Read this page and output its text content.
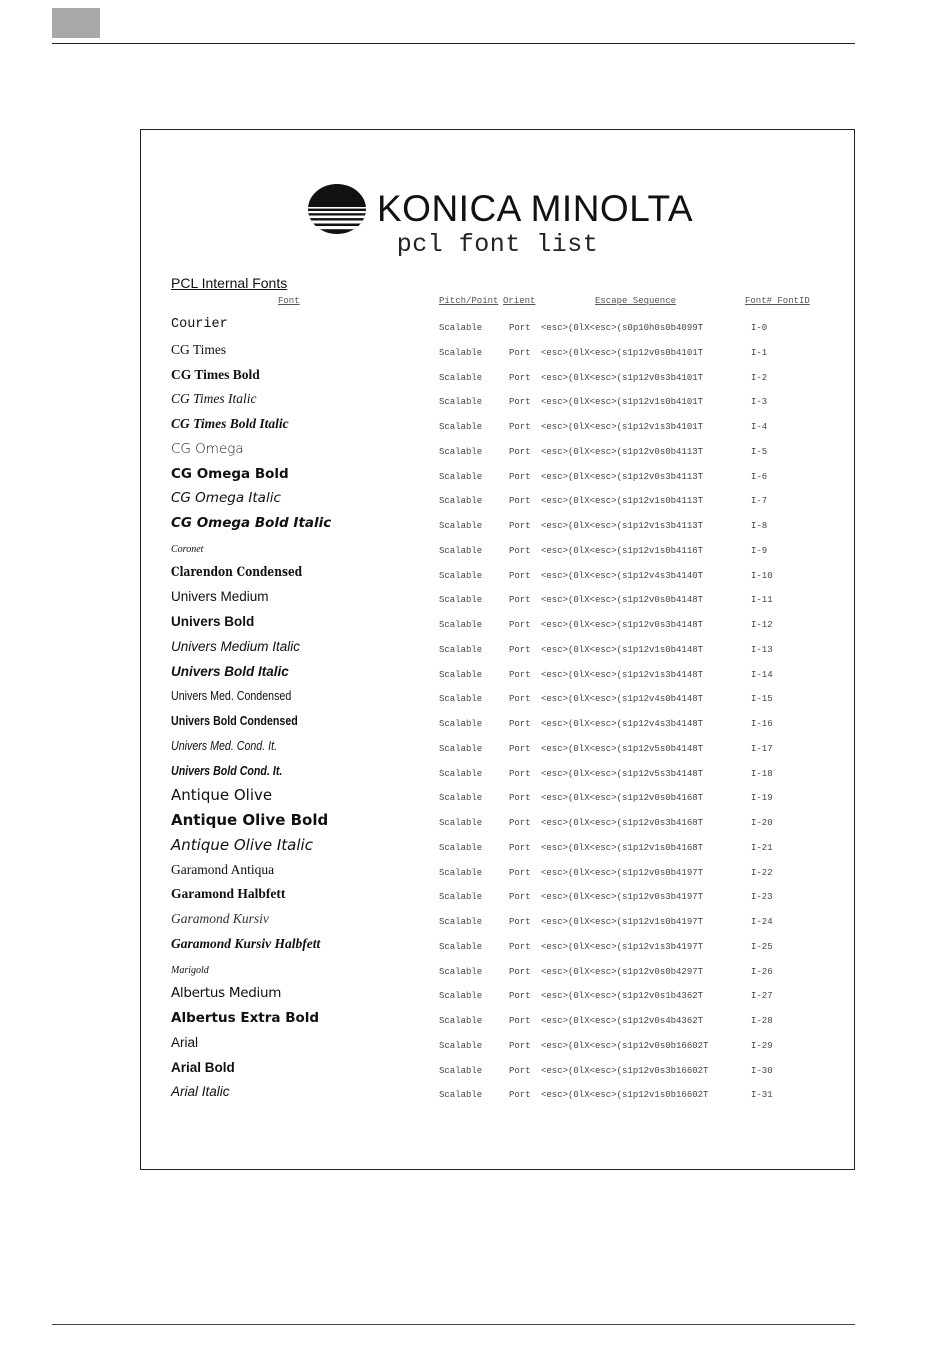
KONICA MINOLTA
pcl font list
PCL Internal Fonts
Font	Pitch/Point Orient	Escape Sequence	Font# FontID
Courier	Scalable	Port <esc>(0lX<esc>(s0p10h0s0b4099T	I-0
CG Times	Scalable	Port <esc>(0lX<esc>(s1p12v0s0b4101T	I-1
CG Times Bold	Scalable	Port <esc>(0lX<esc>(s1p12v0s3b4101T	I-2
CG Times Italic	Scalable	Port <esc>(0lX<esc>(s1p12v1s0b4101T	I-3
CG Times Bold Italic	Scalable	Port <esc>(0lX<esc>(s1p12v1s3b4101T	I-4
CG Omega	Scalable	Port <esc>(0lX<esc>(s1p12v0s0b4113T	I-5
CG Omega Bold	Scalable	Port <esc>(0lX<esc>(s1p12v0s3b4113T	I-6
CG Omega Italic	Scalable	Port <esc>(0lX<esc>(s1p12v1s0b4113T	I-7
CG Omega Bold Italic	Scalable	Port <esc>(0lX<esc>(s1p12v1s3b4113T	I-8
Coronet	Scalable	Port <esc>(0lX<esc>(s1p12v1s0b4116T	I-9
Clarendon Condensed	Scalable	Port <esc>(0lX<esc>(s1p12v4s3b4140T	I-10
Univers Medium	Scalable	Port <esc>(0lX<esc>(s1p12v0s0b4148T	I-11
Univers Bold	Scalable	Port <esc>(0lX<esc>(s1p12v0s3b4148T	I-12
Univers Medium Italic	Scalable	Port <esc>(0lX<esc>(s1p12v1s0b4148T	I-13
Univers Bold Italic	Scalable	Port <esc>(0lX<esc>(s1p12v1s3b4148T	I-14
Univers Med. Condensed	Scalable	Port <esc>(0lX<esc>(s1p12v4s0b4148T	I-15
Univers Bold Condensed	Scalable	Port <esc>(0lX<esc>(s1p12v4s3b4148T	I-16
Univers Med. Cond. It.	Scalable	Port <esc>(0lX<esc>(s1p12v5s0b4148T	I-17
Univers Bold Cond. It.	Scalable	Port <esc>(0lX<esc>(s1p12v5s3b4148T	I-18
Antique Olive	Scalable	Port <esc>(0lX<esc>(s1p12v0s0b4168T	I-19
Antique Olive Bold	Scalable	Port <esc>(0lX<esc>(s1p12v0s3b4168T	I-20
Antique Olive Italic	Scalable	Port <esc>(0lX<esc>(s1p12v1s0b4168T	I-21
Garamond Antiqua	Scalable	Port <esc>(0lX<esc>(s1p12v0s0b4197T	I-22
Garamond Halbfett	Scalable	Port <esc>(0lX<esc>(s1p12v0s3b4197T	I-23
Garamond Kursiv	Scalable	Port <esc>(0lX<esc>(s1p12v1s0b4197T	I-24
Garamond Kursiv Halbfett	Scalable	Port <esc>(0lX<esc>(s1p12v1s3b4197T	I-25
Marigold	Scalable	Port <esc>(0lX<esc>(s1p12v0s0b4297T	I-26
Albertus Medium	Scalable	Port <esc>(0lX<esc>(s1p12v0s1b4362T	I-27
Albertus Extra Bold	Scalable	Port <esc>(0lX<esc>(s1p12v0s4b4362T	I-28
Arial	Scalable	Port <esc>(0lX<esc>(s1p12v0s0b16602T	I-29
Arial Bold	Scalable	Port <esc>(0lX<esc>(s1p12v0s3b16602T	I-30
Arial Italic	Scalable	Port <esc>(0lX<esc>(s1p12v1s0b16602T	I-31
